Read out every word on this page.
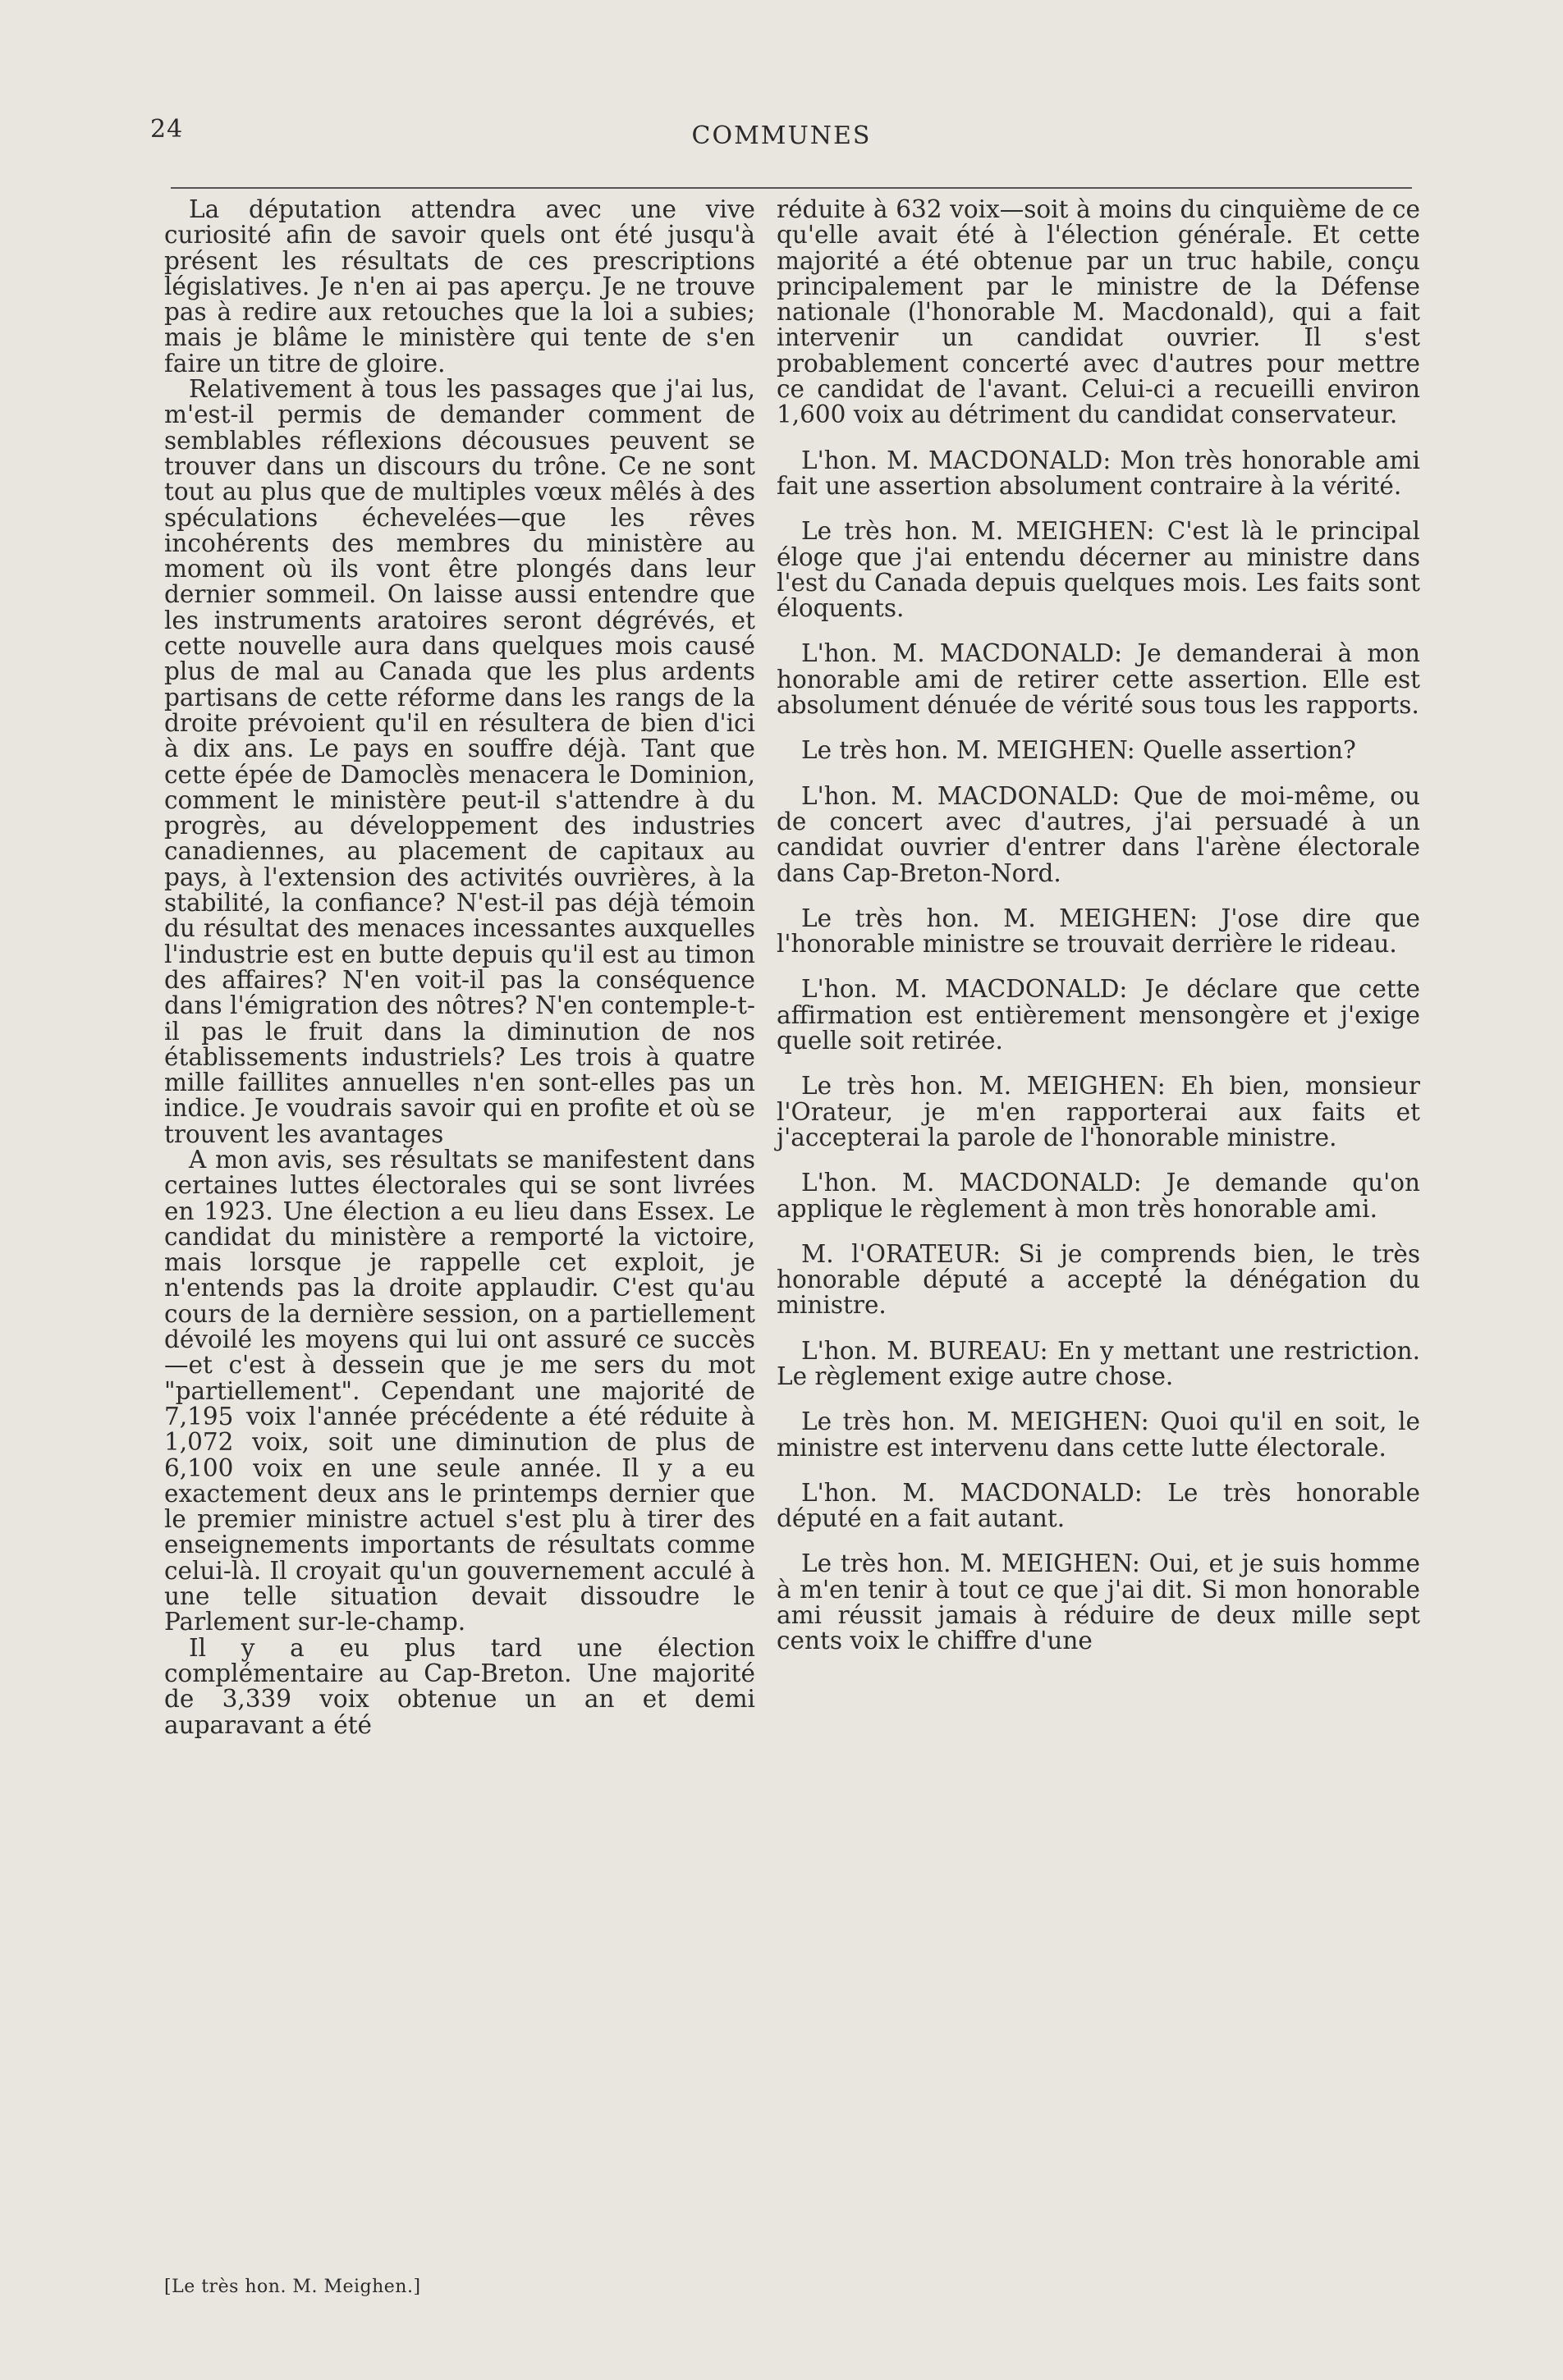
24	COMMUNES

La députation attendra avec une vive curiosité afin de savoir quels ont été jusqu'à présent les résultats de ces prescriptions législatives. Je n'en ai pas aperçu. Je ne trouve pas à redire aux retouches que la loi a subies; mais je blâme le ministère qui tente de s'en faire un titre de gloire.

Relativement à tous les passages que j'ai lus, m'est-il permis de demander comment de semblables réflexions décousues peuvent se trouver dans un discours du trône. Ce ne sont tout au plus que de multiples vœux mêlés à des spéculations échevelées—que les rêves incohérents des membres du ministère au moment où ils vont être plongés dans leur dernier sommeil. On laisse aussi entendre que les instruments aratoires seront dégrévés, et cette nouvelle aura dans quelques mois causé plus de mal au Canada que les plus ardents partisans de cette réforme dans les rangs de la droite prévoient qu'il en résultera de bien d'ici à dix ans. Le pays en souffre déjà. Tant que cette épée de Damoclès menacera le Dominion, comment le ministère peut-il s'attendre à du progrès, au développement des industries canadiennes, au placement de capitaux au pays, à l'extension des activités ouvrières, à la stabilité, la confiance? N'est-il pas déjà témoin du résultat des menaces incessantes auxquelles l'industrie est en butte depuis qu'il est au timon des affaires? N'en voit-il pas la conséquence dans l'émigration des nôtres? N'en contemple-t-il pas le fruit dans la diminution de nos établissements industriels? Les trois à quatre mille faillites annuelles n'en sont-elles pas un indice. Je voudrais savoir qui en profite et où se trouvent les avantages

A mon avis, ses résultats se manifestent dans certaines luttes électorales qui se sont livrées en 1923. Une élection a eu lieu dans Essex. Le candidat du ministère a remporté la victoire, mais lorsque je rappelle cet exploit, je n'entends pas la droite applaudir. C'est qu'au cours de la dernière session, on a partiellement dévoilé les moyens qui lui ont assuré ce succès—et c'est à dessein que je me sers du mot "partiellement". Cependant une majorité de 7,195 voix l'année précédente a été réduite à 1,072 voix, soit une diminution de plus de 6,100 voix en une seule année. Il y a eu exactement deux ans le printemps dernier que le premier ministre actuel s'est plu à tirer des enseignements importants de résultats comme celui-là. Il croyait qu'un gouvernement acculé à une telle situation devait dissoudre le Parlement sur-le-champ.

Il y a eu plus tard une élection complémentaire au Cap-Breton. Une majorité de 3,339 voix obtenue un an et demi auparavant a été

réduite à 632 voix—soit à moins du cinquième de ce qu'elle avait été à l'élection générale. Et cette majorité a été obtenue par un truc habile, conçu principalement par le ministre de la Défense nationale (l'honorable M. Macdonald), qui a fait intervenir un candidat ouvrier. Il s'est probablement concerté avec d'autres pour mettre ce candidat de l'avant. Celui-ci a recueilli environ 1,600 voix au détriment du candidat conservateur.

L'hon. M. MACDONALD: Mon très honorable ami fait une assertion absolument contraire à la vérité.

Le très hon. M. MEIGHEN: C'est là le principal éloge que j'ai entendu décerner au ministre dans l'est du Canada depuis quelques mois. Les faits sont éloquents.

L'hon. M. MACDONALD: Je demanderai à mon honorable ami de retirer cette assertion. Elle est absolument dénuée de vérité sous tous les rapports.

Le très hon. M. MEIGHEN: Quelle assertion?

L'hon. M. MACDONALD: Que de moi-même, ou de concert avec d'autres, j'ai persuadé à un candidat ouvrier d'entrer dans l'arène électorale dans Cap-Breton-Nord.

Le très hon. M. MEIGHEN: J'ose dire que l'honorable ministre se trouvait derrière le rideau.

L'hon. M. MACDONALD: Je déclare que cette affirmation est entièrement mensongère et j'exige quelle soit retirée.

Le très hon. M. MEIGHEN: Eh bien, monsieur l'Orateur, je m'en rapporterai aux faits et j'accepterai la parole de l'honorable ministre.

L'hon. M. MACDONALD: Je demande qu'on applique le règlement à mon très honorable ami.

M. l'ORATEUR: Si je comprends bien, le très honorable député a accepté la dénégation du ministre.

L'hon. M. BUREAU: En y mettant une restriction. Le règlement exige autre chose.

Le très hon. M. MEIGHEN: Quoi qu'il en soit, le ministre est intervenu dans cette lutte électorale.

L'hon. M. MACDONALD: Le très honorable député en a fait autant.

Le très hon. M. MEIGHEN: Oui, et je suis homme à m'en tenir à tout ce que j'ai dit. Si mon honorable ami réussit jamais à réduire de deux mille sept cents voix le chiffre d'une

[Le très hon. M. Meighen.]
